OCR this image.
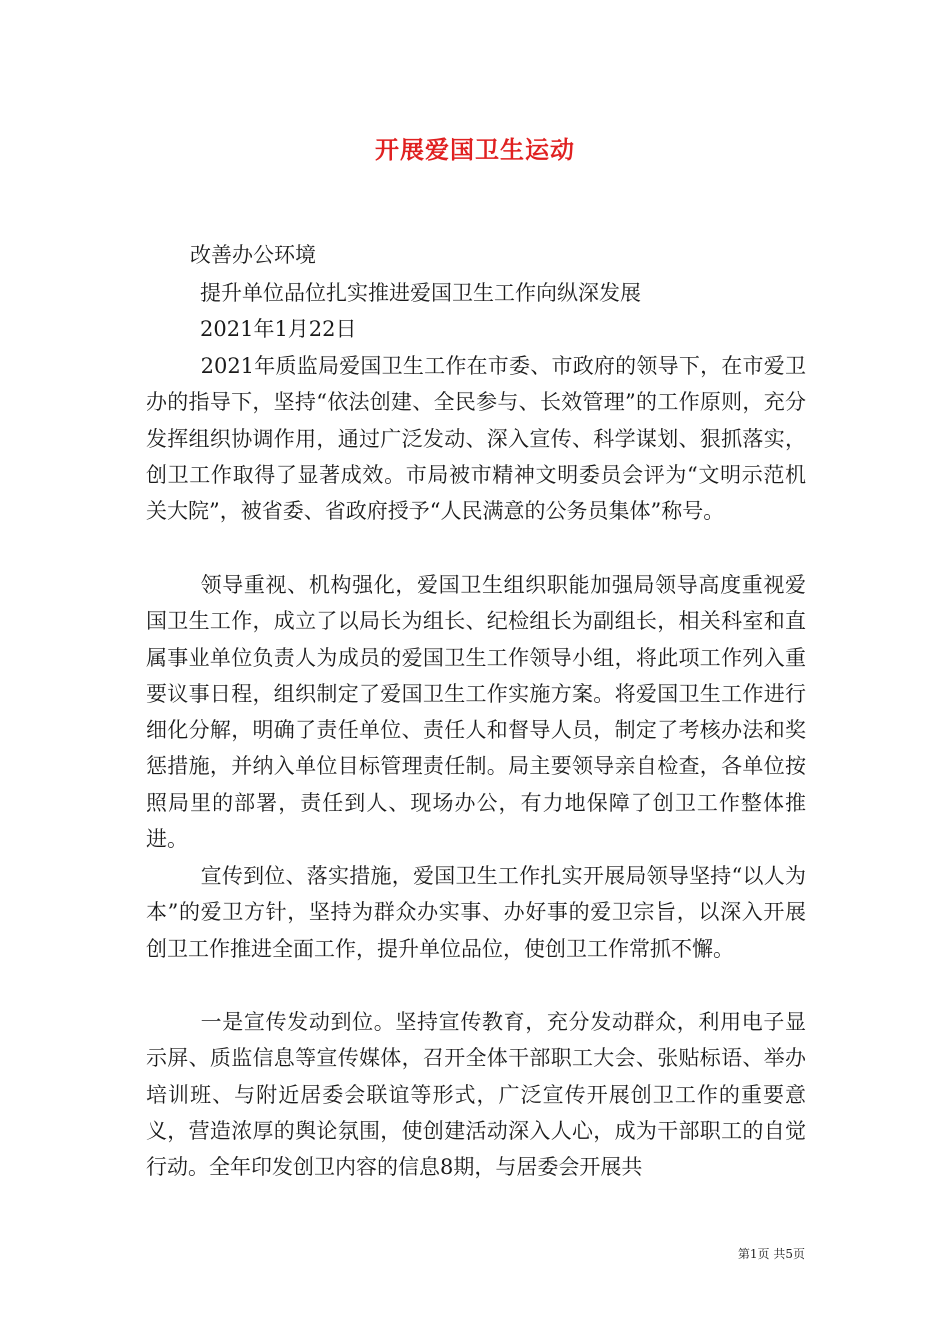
开展爱国卫生运动
改善办公环境
提升单位品位扎实推进爱国卫生工作向纵深发展
2021年1月22日

2021年质监局爱国卫生工作在市委、市政府的领导下，在市爱卫办的指导下，坚持“依法创建、全民参与、长效管理”的工作原则，充分发挥组织协调作用，通过广泛发动、深入宣传、科学谋划、狠抓落实，创卫工作取得了显著成效。市局被市精神文明委员会评为“文明示范机关大院”，被省委、省政府授予“人民满意的公务员集体”称号。

领导重视、机构强化，爱国卫生组织职能加强局领导高度重视爱国卫生工作，成立了以局长为组长、纪检组长为副组长，相关科室和直属事业单位负责人为成员的爱国卫生工作领导小组，将此项工作列入重要议事日程，组织制定了爱国卫生工作实施方案。将爱国卫生工作进行细化分解，明确了责任单位、责任人和督导人员，制定了考核办法和奖惩措施，并纳入单位目标管理责任制。局主要领导亲自检查，各单位按照局里的部署，责任到人、现场办公，有力地保障了创卫工作整体推进。

宣传到位、落实措施，爱国卫生工作扎实开展局领导坚持“以人为本”的爱卫方针，坚持为群众办实事、办好事的爱卫宗旨，以深入开展创卫工作推进全面工作，提升单位品位，使创卫工作常抓不懈。

一是宣传发动到位。坚持宣传教育，充分发动群众，利用电子显示屏、质监信息等宣传媒体，召开全体干部职工大会、张贴标语、举办培训班、与附近居委会联谊等形式，广泛宣传开展创卫工作的重要意义，营造浓厚的舆论氛围，使创建活动深入人心，成为干部职工的自觉行动。全年印发创卫内容的信息8期，与居委会开展共

第1页 共5页
